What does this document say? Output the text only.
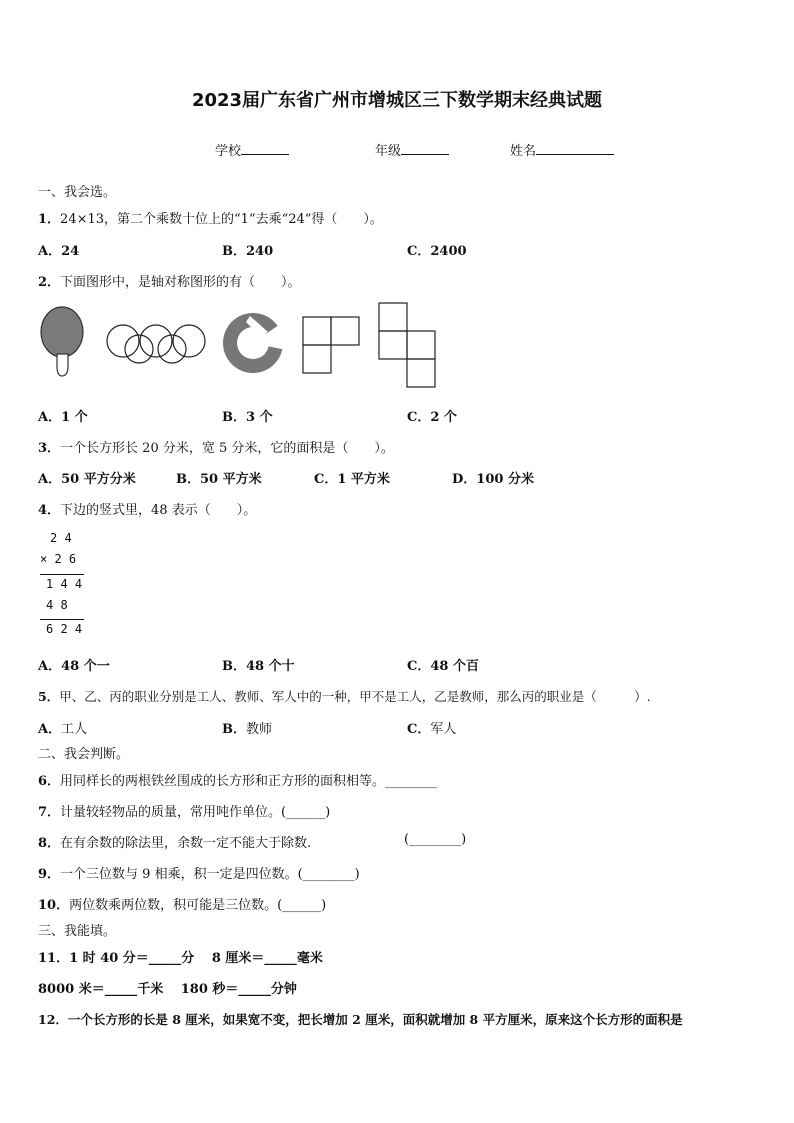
2023届广东省广州市增城区三下数学期末经典试题
学校	年级	姓名
一、我会选。
1．24×13，第二个乘数十位上的“1”去乘“24”得（　　）。
A．24	B．240	C．2400
2．下面图形中，是轴对称图形的有（　　）。
A．1 个	B．3 个	C．2 个
3．一个长方形长 20 分米，宽 5 分米，它的面积是（　　）。
A．50 平方分米	B．50 平方米	C．1 平方米	D．100 分米
4．下边的竖式里，48 表示（　　）。
2 4
× 2 6
1 4 4
4 8
6 2 4
A．48 个一	B．48 个十	C．48 个百
5．甲、乙、丙的职业分别是工人、教师、军人中的一种，甲不是工人，乙是教师，那么丙的职业是（　　　）.
A．工人	B．教师	C．军人
二、我会判断。
6．用同样长的两根铁丝围成的长方形和正方形的面积相等。________
7．计量较轻物品的质量，常用吨作单位。(______)
8．在有余数的除法里，余数一定不能大于除数.	(________)
9．一个三位数与 9 相乘，积一定是四位数。(________)
10．两位数乘两位数，积可能是三位数。(______)
三、我能填。
11．1 时 40 分＝_____分　 8 厘米＝_____毫米
8000 米＝_____千米　 180 秒＝_____分钟
12．一个长方形的长是 8 厘米，如果宽不变，把长增加 2 厘米，面积就增加 8 平方厘米，原来这个长方形的面积是
